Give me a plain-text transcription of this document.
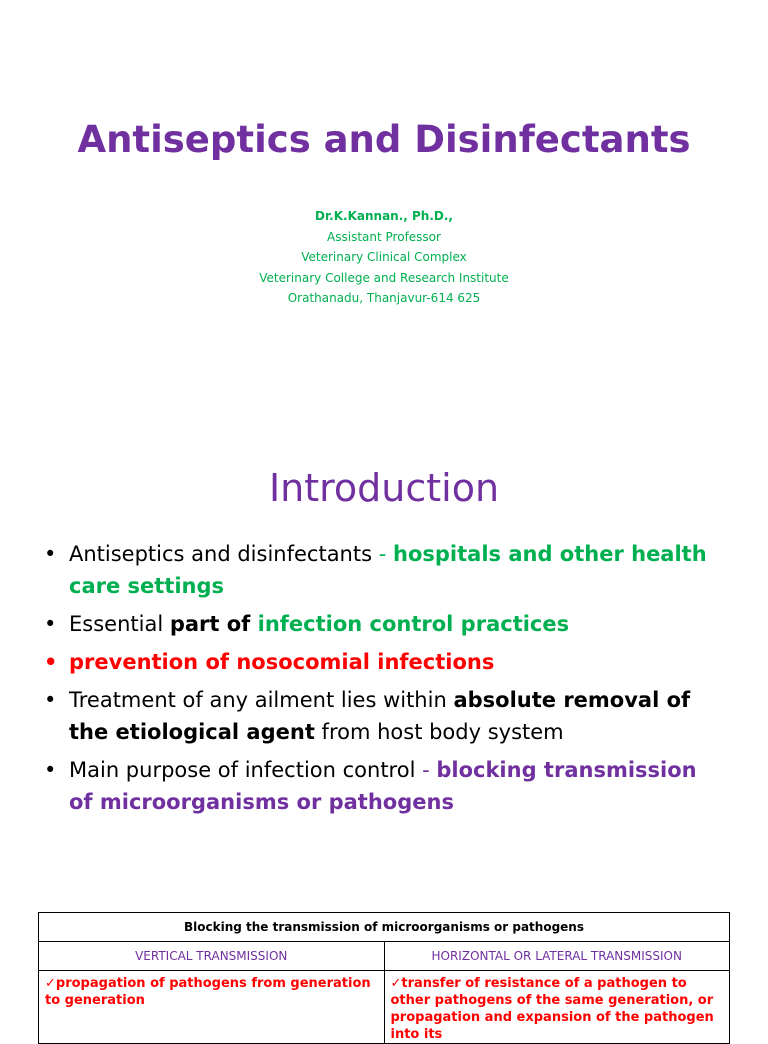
Antiseptics and Disinfectants
Dr.K.Kannan., Ph.D.,
Assistant Professor
Veterinary Clinical Complex
Veterinary College and Research Institute
Orathanadu, Thanjavur-614 625
Introduction
• Antiseptics and disinfectants - hospitals and other health care settings
• Essential part of infection control practices
• prevention of nosocomial infections
• Treatment of any ailment lies within absolute removal of the etiological agent from host body system
• Main purpose of infection control - blocking transmission of microorganisms or pathogens
Blocking the transmission of microorganisms or pathogens	
VERTICAL TRANSMISSION	HORIZONTAL OR LATERAL TRANSMISSION
✓propagation of pathogens from generation to generation	✓transfer of resistance of a pathogen to other pathogens of the same generation, or propagation and expansion of the pathogen into its
